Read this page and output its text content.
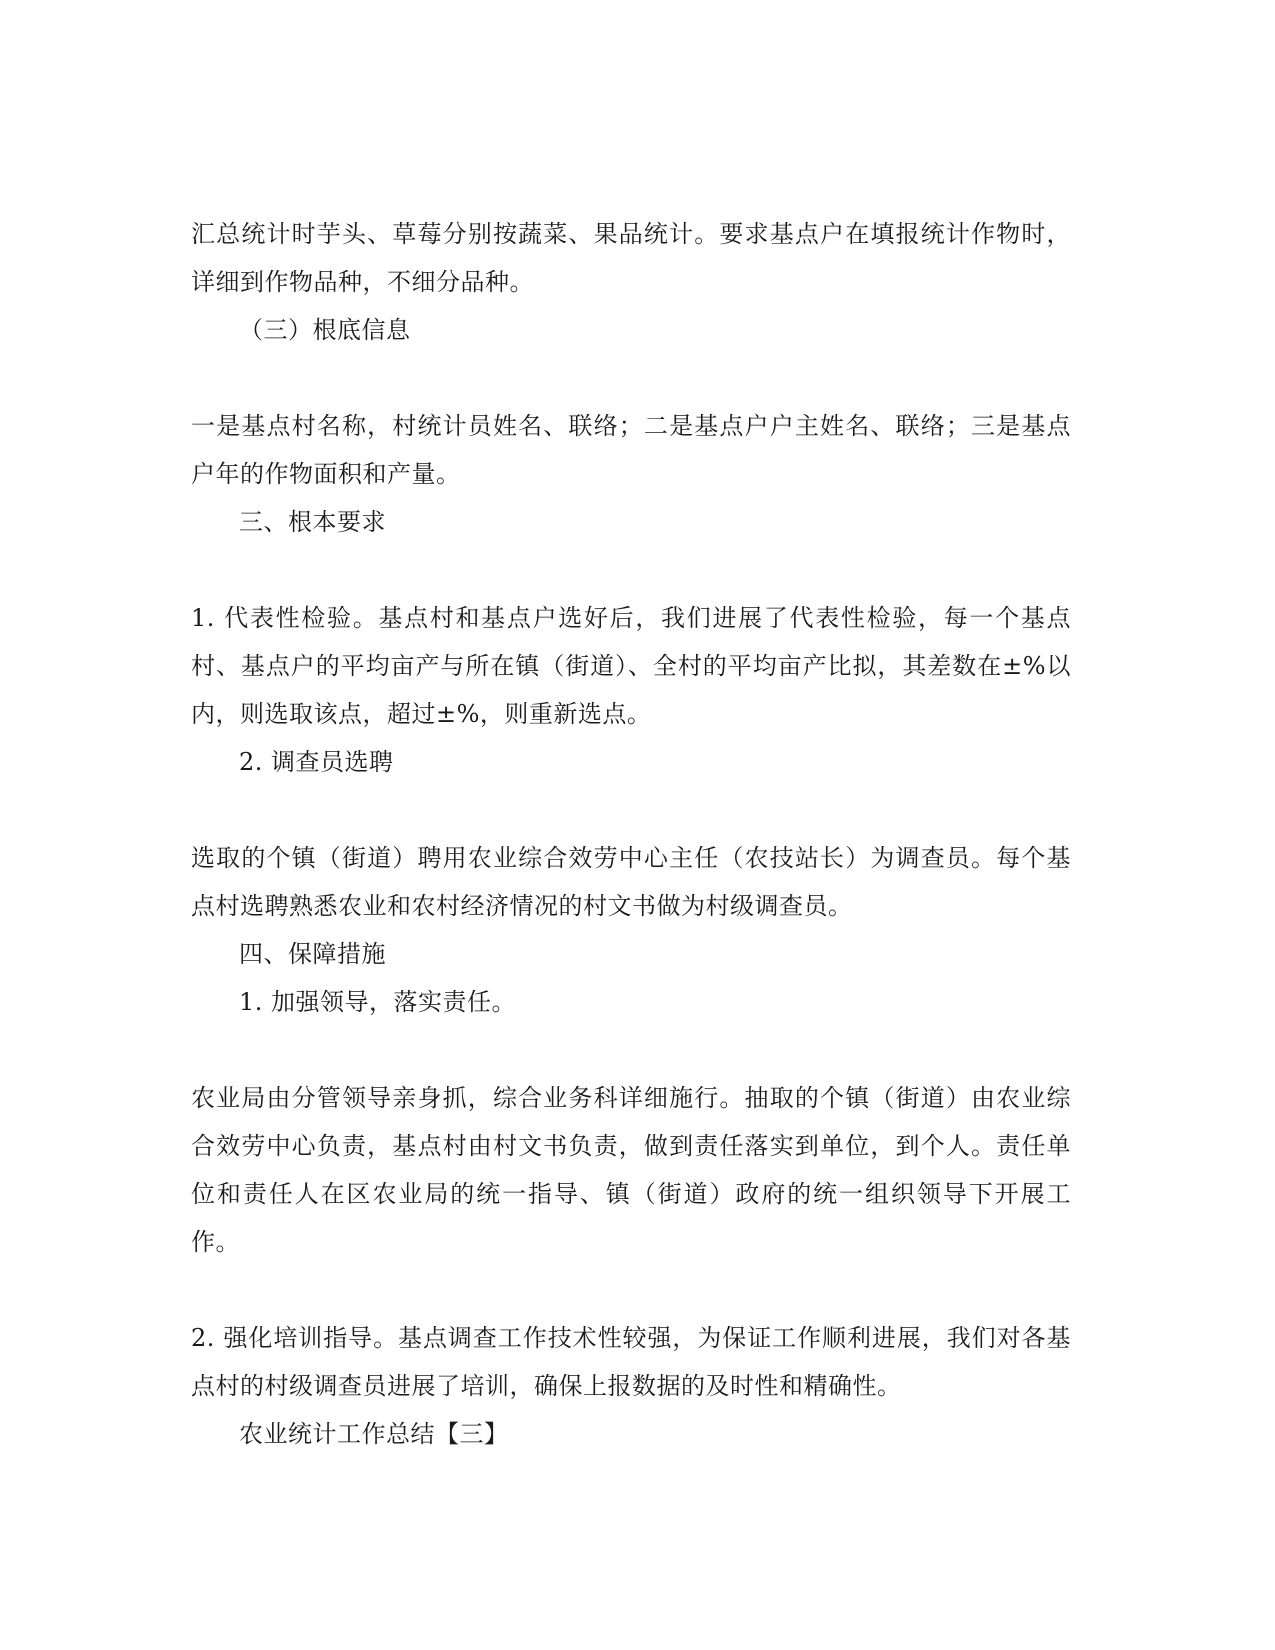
汇总统计时芋头、草莓分别按蔬菜、果品统计。要求基点户在填报统计作物时，详细到作物品种，不细分品种。

（三）根底信息

一是基点村名称，村统计员姓名、联络；二是基点户户主姓名、联络；三是基点户年的作物面积和产量。

三、根本要求

1. 代表性检验。基点村和基点户选好后，我们进展了代表性检验，每一个基点村、基点户的平均亩产与所在镇（街道）、全村的平均亩产比拟，其差数在±%以内，则选取该点，超过±%，则重新选点。

2. 调查员选聘

选取的个镇（街道）聘用农业综合效劳中心主任（农技站长）为调查员。每个基点村选聘熟悉农业和农村经济情况的村文书做为村级调查员。

四、保障措施

1. 加强领导，落实责任。

农业局由分管领导亲身抓，综合业务科详细施行。抽取的个镇（街道）由农业综合效劳中心负责，基点村由村文书负责，做到责任落实到单位，到个人。责任单位和责任人在区农业局的统一指导、镇（街道）政府的统一组织领导下开展工作。

2. 强化培训指导。基点调查工作技术性较强，为保证工作顺利进展，我们对各基点村的村级调查员进展了培训，确保上报数据的及时性和精确性。

农业统计工作总结【三】
